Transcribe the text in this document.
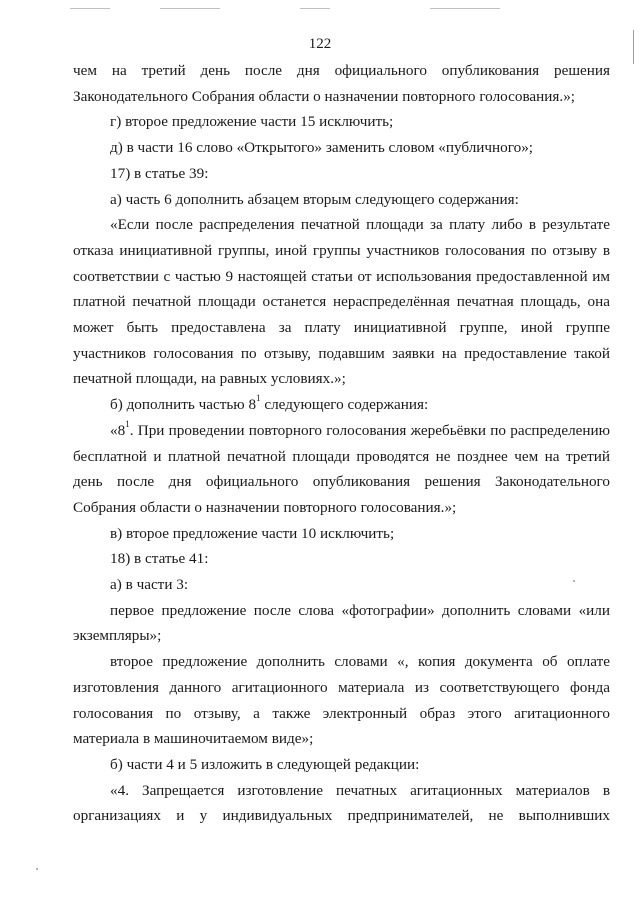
122

чем на третий день после дня официального опубликования решения Законодательного Собрания области о назначении повторного голосования.»;

г) второе предложение части 15 исключить;

д) в части 16 слово «Открытого» заменить словом «публичного»;

17) в статье 39:

а) часть 6 дополнить абзацем вторым следующего содержания:

«Если после распределения печатной площади за плату либо в результате отказа инициативной группы, иной группы участников голосования по отзыву в соответствии с частью 9 настоящей статьи от использования предоставленной им платной печатной площади останется нераспределённая печатная площадь, она может быть предоставлена за плату инициативной группе, иной группе участников голосования по отзыву, подавшим заявки на предоставление такой печатной площади, на равных условиях.»;

б) дополнить частью $8^1$ следующего содержания:

«$8^1$. При проведении повторного голосования жеребьёвки по распределению бесплатной и платной печатной площади проводятся не позднее чем на третий день после дня официального опубликования решения Законодательного Собрания области о назначении повторного голосования.»;

в) второе предложение части 10 исключить;

18) в статье 41:

а) в части 3:

первое предложение после слова «фотографии» дополнить словами «или экземпляры»;

второе предложение дополнить словами «, копия документа об оплате изготовления данного агитационного материала из соответствующего фонда голосования по отзыву, а также электронный образ этого агитационного материала в машиночитаемом виде»;

б) части 4 и 5 изложить в следующей редакции:

«4. Запрещается изготовление печатных агитационных материалов в организациях и у индивидуальных предпринимателей, не выполнивших
